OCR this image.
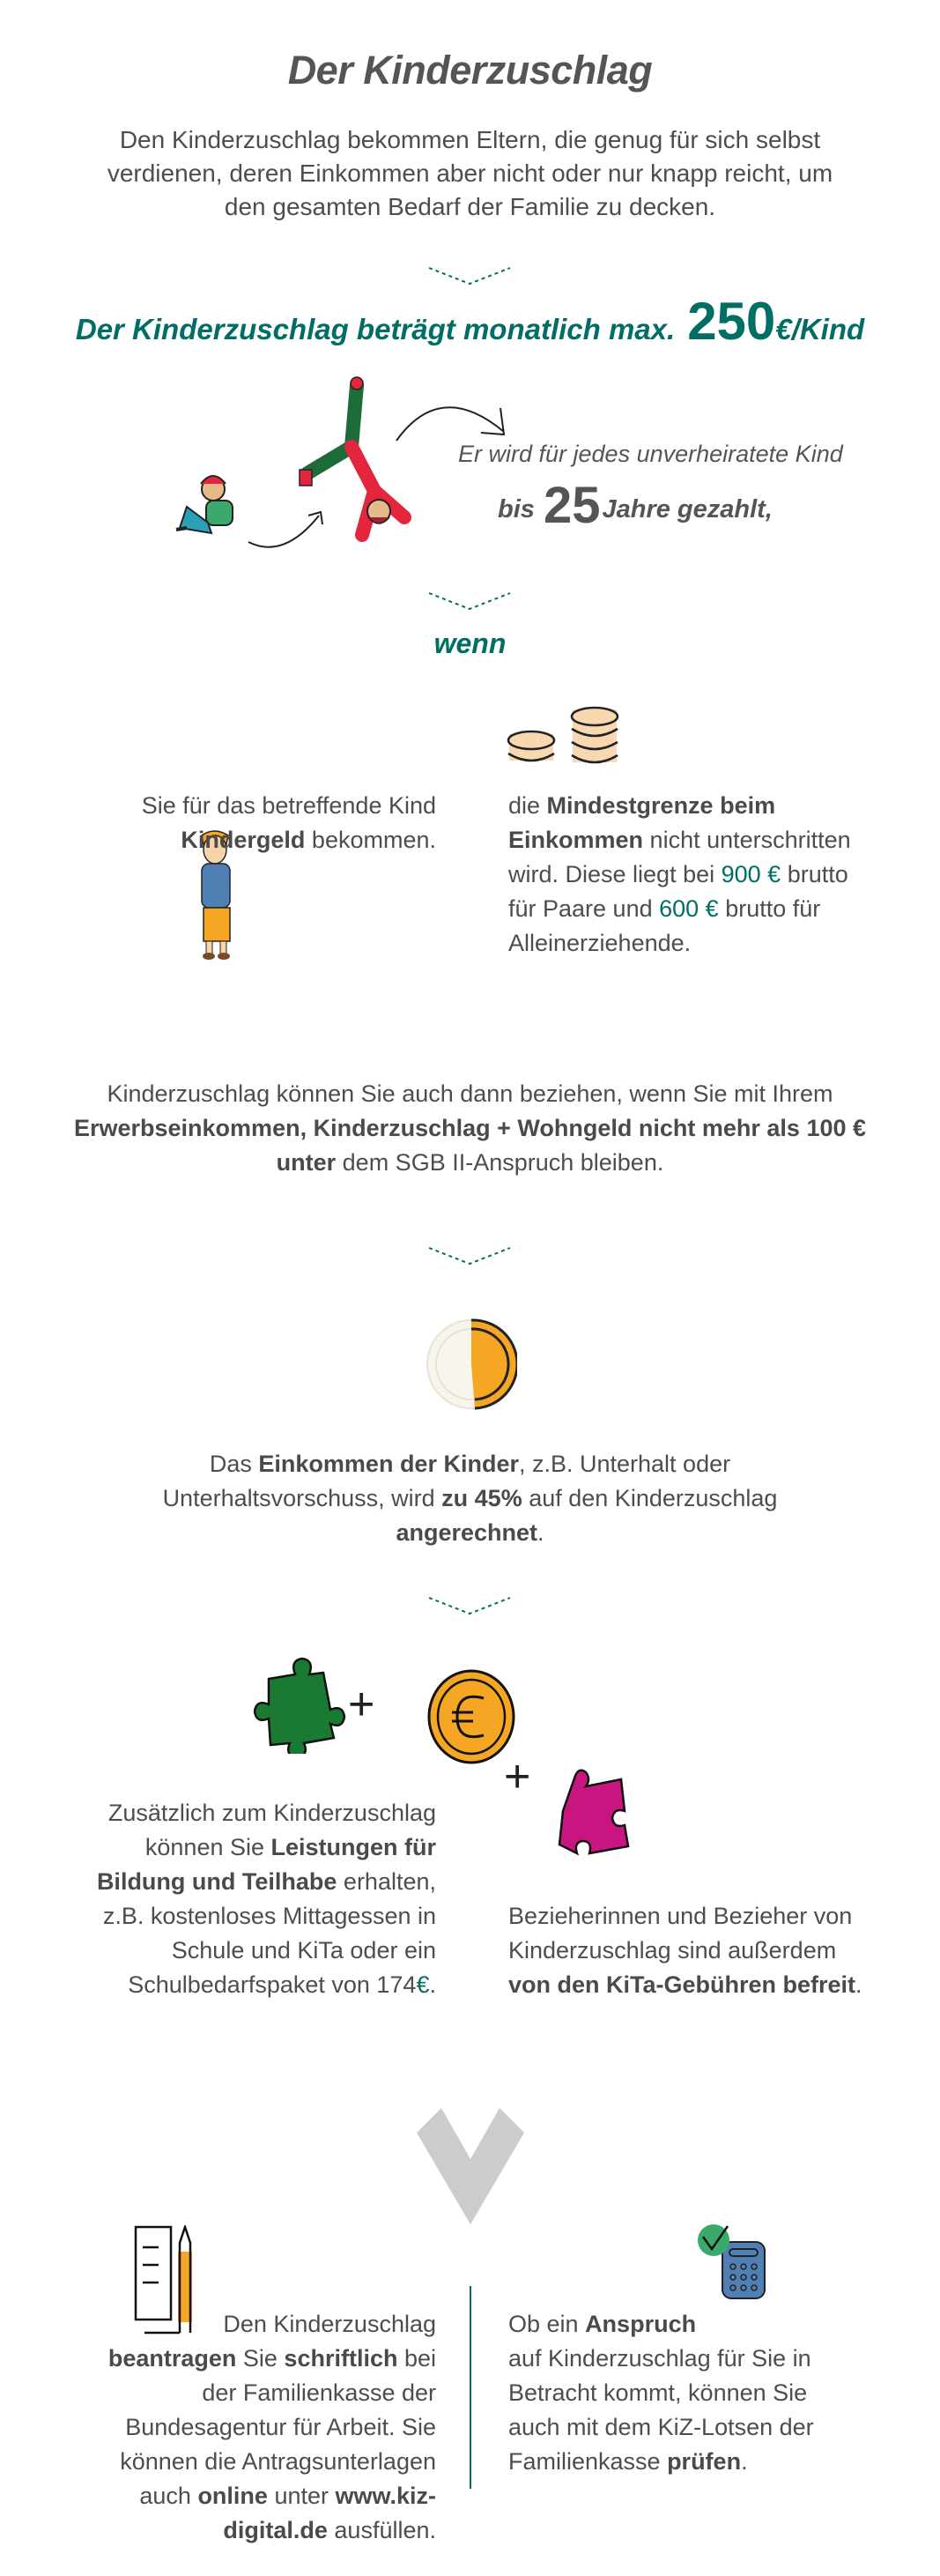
Der Kinderzuschlag

Den Kinderzuschlag bekommen Eltern, die genug für sich selbst verdienen, deren Einkommen aber nicht oder nur knapp reicht, um den gesamten Bedarf der Familie zu decken.

Der Kinderzuschlag beträgt monatlich max. 250€/Kind
Er wird für jedes unverheiratete Kind
bis 25Jahre gezahlt,
wenn
Sie für das betreffende Kind Kindergeld bekommen.
die Mindestgrenze beim Einkommen nicht unterschritten wird. Diese liegt bei 900 € brutto für Paare und 600 € brutto für Alleinerziehende.
Kinderzuschlag können Sie auch dann beziehen, wenn Sie mit Ihrem Erwerbseinkommen, Kinderzuschlag + Wohngeld nicht mehr als 100 € unter dem SGB II-Anspruch bleiben.
Das Einkommen der Kinder, z.B. Unterhalt oder Unterhaltsvorschuss, wird zu 45% auf den Kinderzuschlag angerechnet.
+
+
Zusätzlich zum Kinderzuschlag können Sie Leistungen für Bildung und Teilhabe erhalten, z.B. kostenloses Mittagessen in Schule und KiTa oder ein Schulbedarfspaket von 174€.
Bezieherinnen und Bezieher von Kinderzuschlag sind außerdem von den KiTa-Gebühren befreit.
Den Kinderzuschlag beantragen Sie schriftlich bei der Familienkasse der Bundesagentur für Arbeit. Sie können die Antragsunterlagen auch online unter www.kiz-digital.de ausfüllen.
Ob ein Anspruch
auf Kinderzuschlag für Sie in Betracht kommt, können Sie auch mit dem KiZ-Lotsen der Familienkasse prüfen.
